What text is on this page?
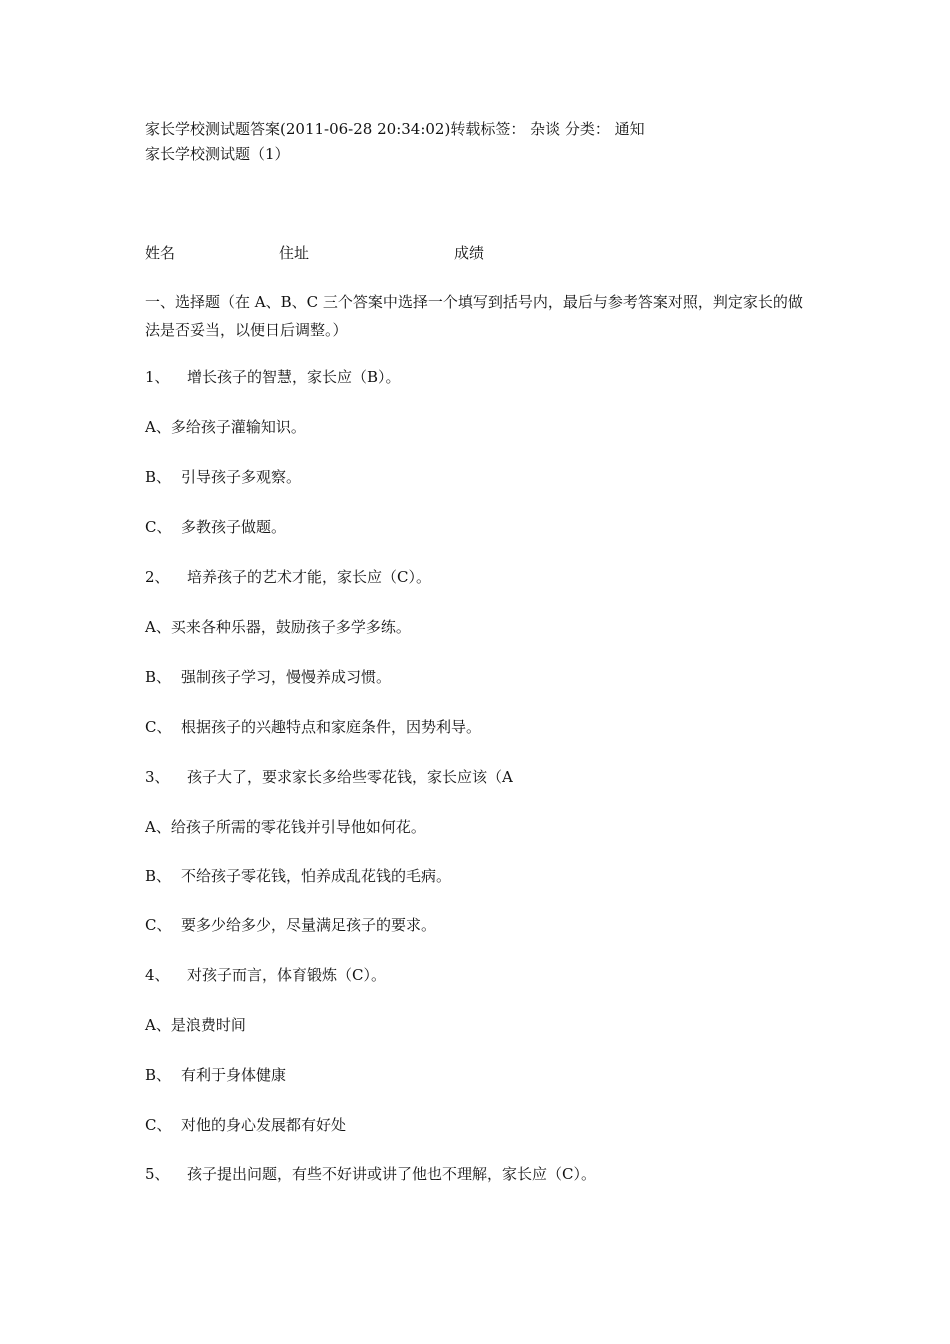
家长学校测试题答案(2011-06-28 20:34:02)转载标签： 杂谈 分类： 通知
家长学校测试题（1）
姓名	住址	成绩
一、选择题（在 A、B、C 三个答案中选择一个填写到括号内，最后与参考答案对照，判定家长的做法是否妥当，以便日后调整。）
1、 增长孩子的智慧，家长应（B）。
A、多给孩子灌输知识。
B、 引导孩子多观察。
C、 多教孩子做题。
2、 培养孩子的艺术才能，家长应（C）。
A、买来各种乐器，鼓励孩子多学多练。
B、 强制孩子学习，慢慢养成习惯。
C、 根据孩子的兴趣特点和家庭条件，因势利导。
3、 孩子大了，要求家长多给些零花钱，家长应该（A
A、给孩子所需的零花钱并引导他如何花。
B、 不给孩子零花钱，怕养成乱花钱的毛病。
C、 要多少给多少，尽量满足孩子的要求。
4、 对孩子而言，体育锻炼（C）。
A、是浪费时间
B、 有利于身体健康
C、 对他的身心发展都有好处
5、 孩子提出问题，有些不好讲或讲了他也不理解，家长应（C）。
